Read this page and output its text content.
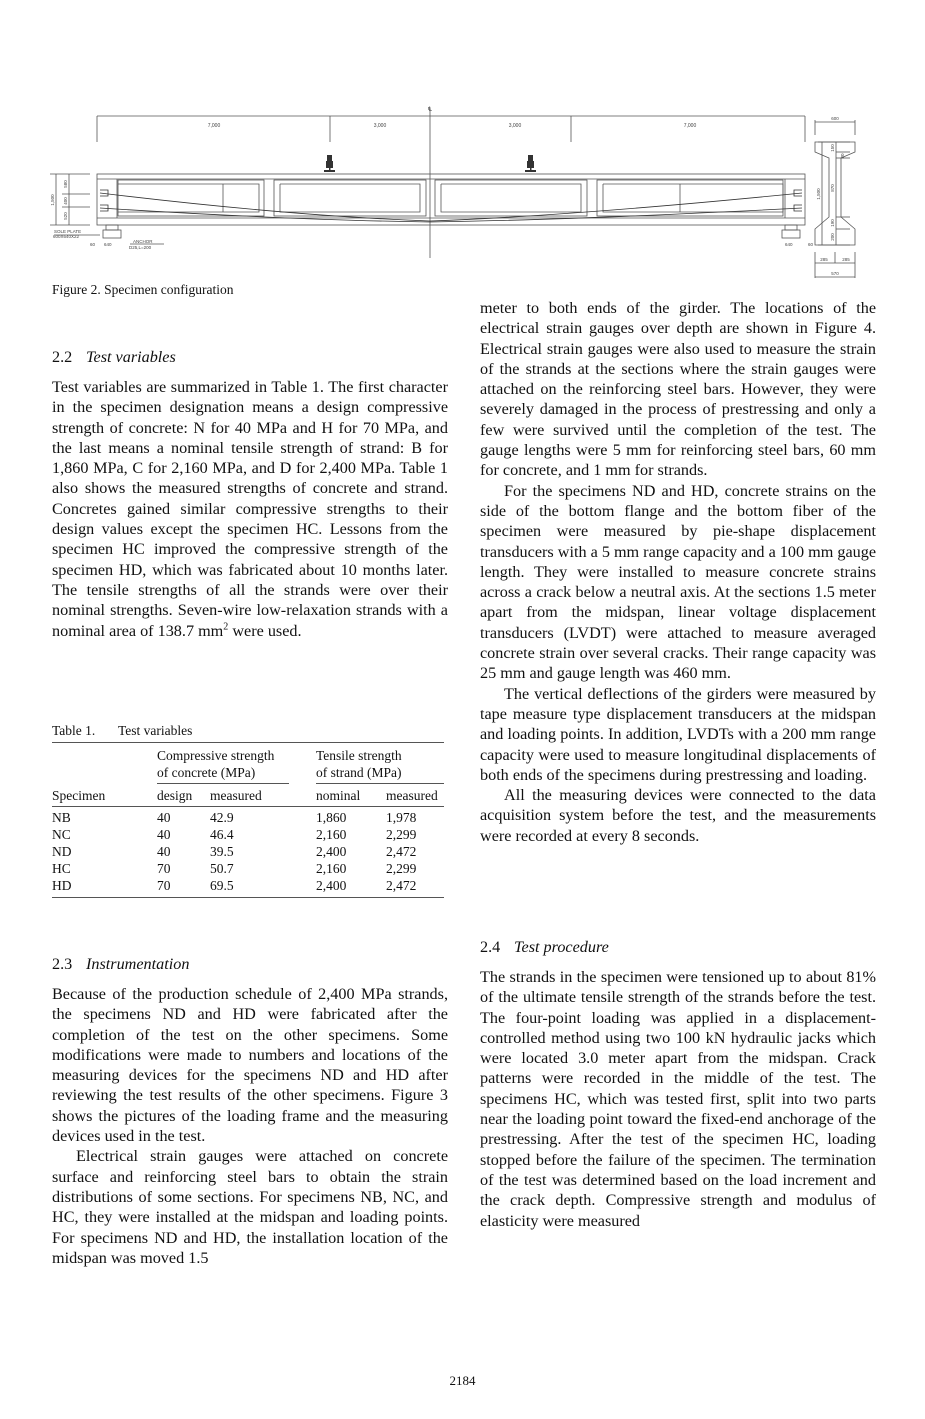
7,000	3,000	3,000	7,000
℄
1,500
580
400
520
SOLE PLATE
600X640X22
60 640
ANCHOR
D25,L=200
640	60
1,500
150
80
870
190
200
600
285	285
570
Figure 2. Specimen configuration
2.2 Test variables

Test variables are summarized in Table 1. The first character in the specimen designation means a design compressive strength of concrete: N for 40 MPa and H for 70 MPa, and the last means a nominal tensile strength of strand: B for 1,860 MPa, C for 2,160 MPa, and D for 2,400 MPa. Table 1 also shows the measured strengths of concrete and strand. Concretes gained similar compressive strengths to their design values except the specimen HC. Lessons from the specimen HC improved the compressive strength of the specimen HD, which was fabricated about 10 months later. The tensile strengths of all the strands were over their nominal strengths. Seven-wire low-relaxation strands with a nominal area of 138.7 $mm^2$ were used.

Table 1. Test variables
Compressive strength
of concrete (MPa)
Tensile strength
of strand (MPa)
Specimen	design measured	nominal measured
NB	40	42.9	1,860	1,978
NC	40	46.4	2,160	2,299
ND	40	39.5	2,400	2,472
HC	70	50.7	2,160	2,299
HD	70	69.5	2,400	2,472
2.3 Instrumentation

Because of the production schedule of 2,400 MPa strands, the specimens ND and HD were fabricated after the completion of the test on the other specimens. Some modifications were made to numbers and locations of the measuring devices for the specimens ND and HD after reviewing the test results of the other specimens. Figure 3 shows the pictures of the loading frame and the measuring devices used in the test.

Electrical strain gauges were attached on concrete surface and reinforcing steel bars to obtain the strain distributions of some sections. For specimens NB, NC, and HC, they were installed at the midspan and loading points. For specimens ND and HD, the installation location of the midspan was moved 1.5

meter to both ends of the girder. The locations of the electrical strain gauges over depth are shown in Figure 4. Electrical strain gauges were also used to measure the strain of the strands at the sections where the strain gauges were attached on the reinforcing steel bars. However, they were severely damaged in the process of prestressing and only a few were survived until the completion of the test. The gauge lengths were 5 mm for reinforcing steel bars, 60 mm for concrete, and 1 mm for strands.

For the specimens ND and HD, concrete strains on the side of the bottom flange and the bottom fiber of the specimen were measured by pie-shape displacement transducers with a 5 mm range capacity and a 100 mm gauge length. They were installed to measure concrete strains across a crack below a neutral axis. At the sections 1.5 meter apart from the midspan, linear voltage displacement transducers (LVDT) were attached to measure averaged concrete strain over several cracks. Their range capacity was 25 mm and gauge length was 460 mm.

The vertical deflections of the girders were measured by tape measure type displacement transducers at the midspan and loading points. In addition, LVDTs with a 200 mm range capacity were used to measure longitudinal displacements of both ends of the specimens during prestressing and loading.

All the measuring devices were connected to the data acquisition system before the test, and the measurements were recorded at every 8 seconds.

2.4 Test procedure

The strands in the specimen were tensioned up to about 81% of the ultimate tensile strength of the strands before the test. The four-point loading was applied in a displacement-controlled method using two 100 kN hydraulic jacks which were located 3.0 meter apart from the midspan. Crack patterns were recorded in the middle of the test. The specimens HC, which was tested first, split into two parts near the loading point toward the fixed-end anchorage of the prestressing. After the test of the specimen HC, loading stopped before the failure of the specimen. The termination of the test was determined based on the load increment and the crack depth. Compressive strength and modulus of elasticity were measured

2184
